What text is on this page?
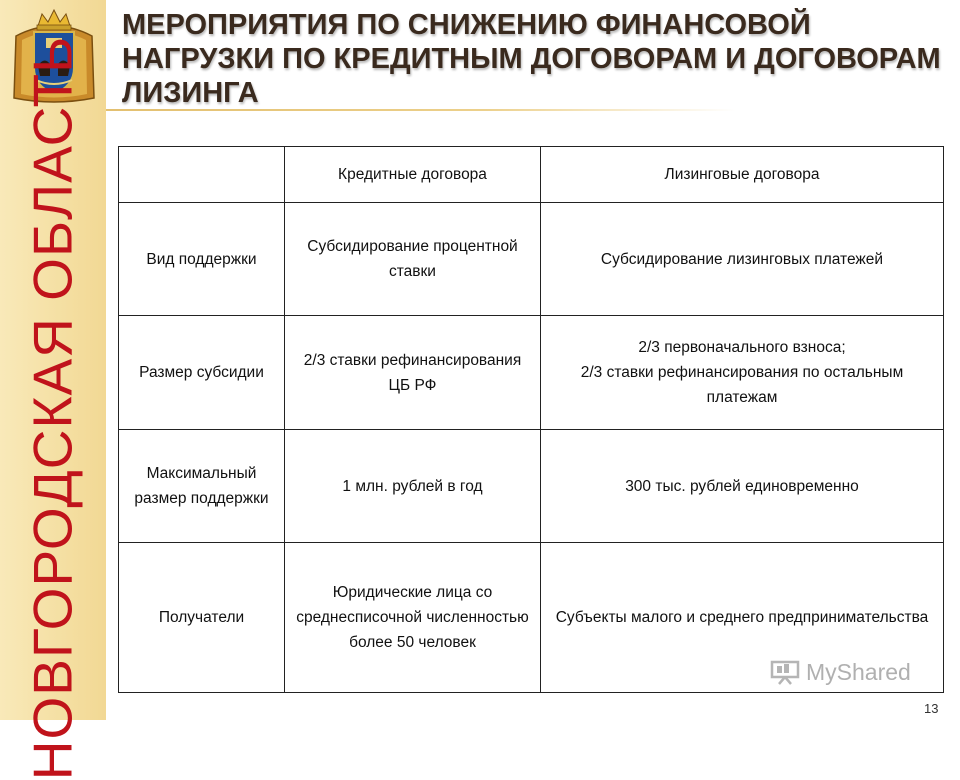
НОВГОРОДСКАЯ ОБЛАСТЬ
МЕРОПРИЯТИЯ ПО СНИЖЕНИЮ ФИНАНСОВОЙ НАГРУЗКИ ПО КРЕДИТНЫМ ДОГОВОРАМ И ДОГОВОРАМ ЛИЗИНГА
	Кредитные договора	Лизинговые договора
Вид поддержки	Субсидирование процентной ставки	Субсидирование лизинговых платежей

Размер субсидии	2/3 ставки рефинансирования ЦБ РФ	2/3 первоначального взноса;
2/3 ставки рефинансирования по остальным платежам

Максимальный размер поддержки	1 млн. рублей в год	300 тыс. рублей единовременно

Получатели	Юридические лица со среднесписочной численностью более 50 человек	Субъекты малого и среднего предпринимательства
MyShared
13
